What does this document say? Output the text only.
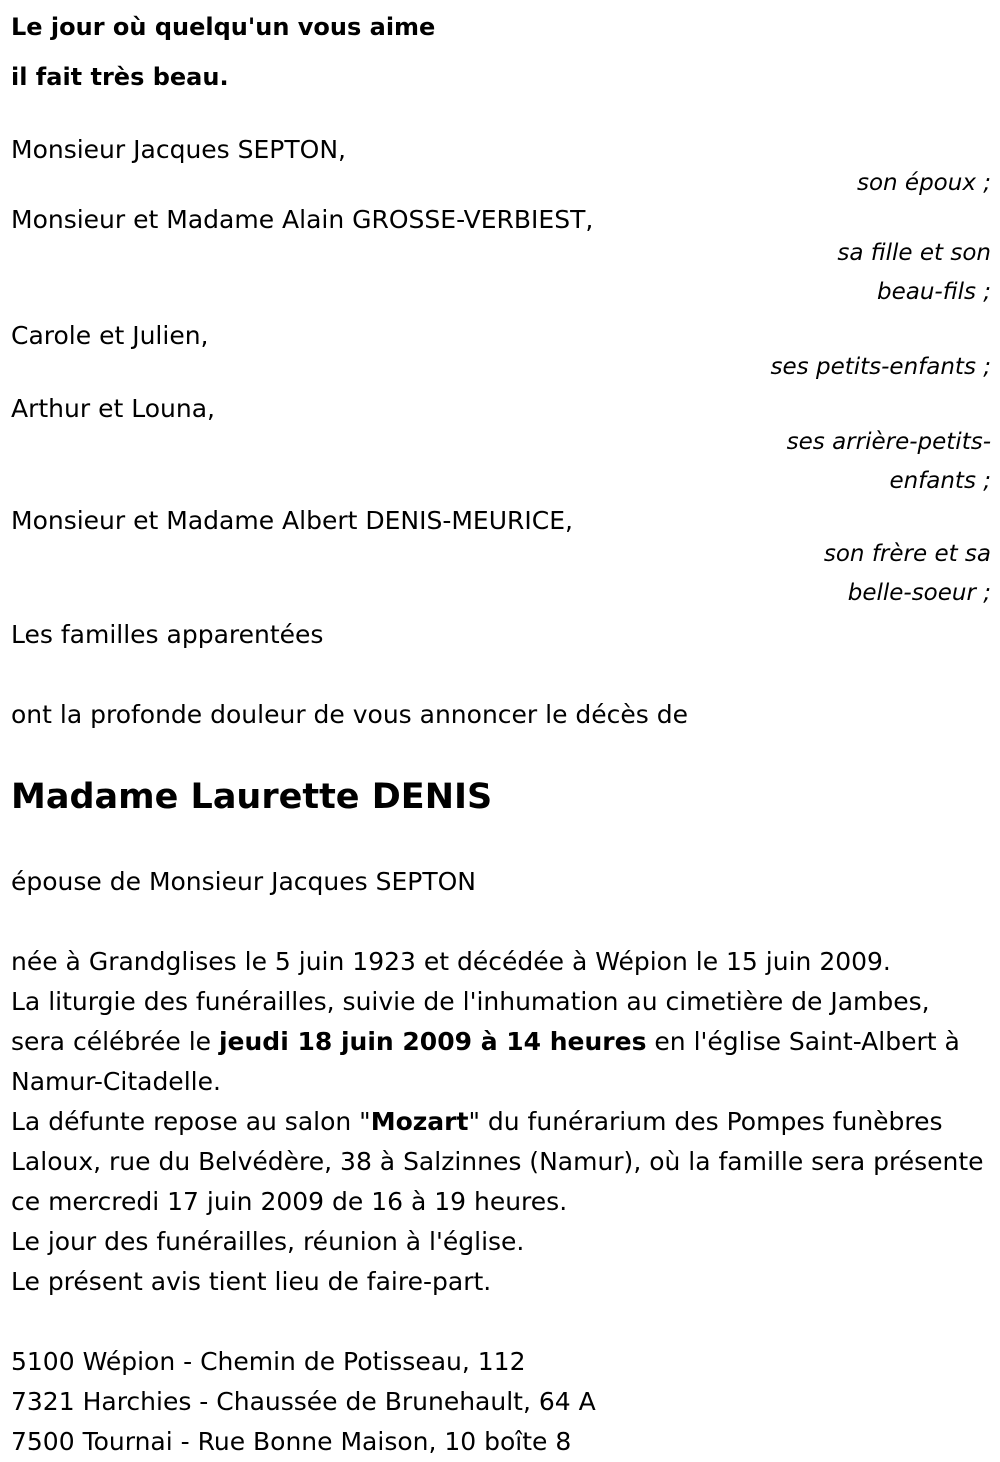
Le jour où quelqu'un vous aime

il fait très beau.

Monsieur Jacques SEPTON,

son époux ;

Monsieur et Madame Alain GROSSE-VERBIEST,

sa fille et son beau-fils ;

Carole et Julien,

ses petits-enfants ;

Arthur et Louna,

ses arrière-petits-enfants ;

Monsieur et Madame Albert DENIS-MEURICE,

son frère et sa belle-soeur ;

Les familles apparentées

ont la profonde douleur de vous annoncer le décès de

Madame Laurette DENIS

épouse de Monsieur Jacques SEPTON

née à Grandglises le 5 juin 1923 et décédée à Wépion le 15 juin 2009.
La liturgie des funérailles, suivie de l'inhumation au cimetière de Jambes, sera célébrée le jeudi 18 juin 2009 à 14 heures en l'église Saint-Albert à Namur-Citadelle.
La défunte repose au salon "Mozart" du funérarium des Pompes funèbres Laloux, rue du Belvédère, 38 à Salzinnes (Namur), où la famille sera présente ce mercredi 17 juin 2009 de 16 à 19 heures.
Le jour des funérailles, réunion à l'église.
Le présent avis tient lieu de faire-part.
5100 Wépion - Chemin de Potisseau, 112
7321 Harchies - Chaussée de Brunehault, 64 A
7500 Tournai - Rue Bonne Maison, 10 boîte 8
